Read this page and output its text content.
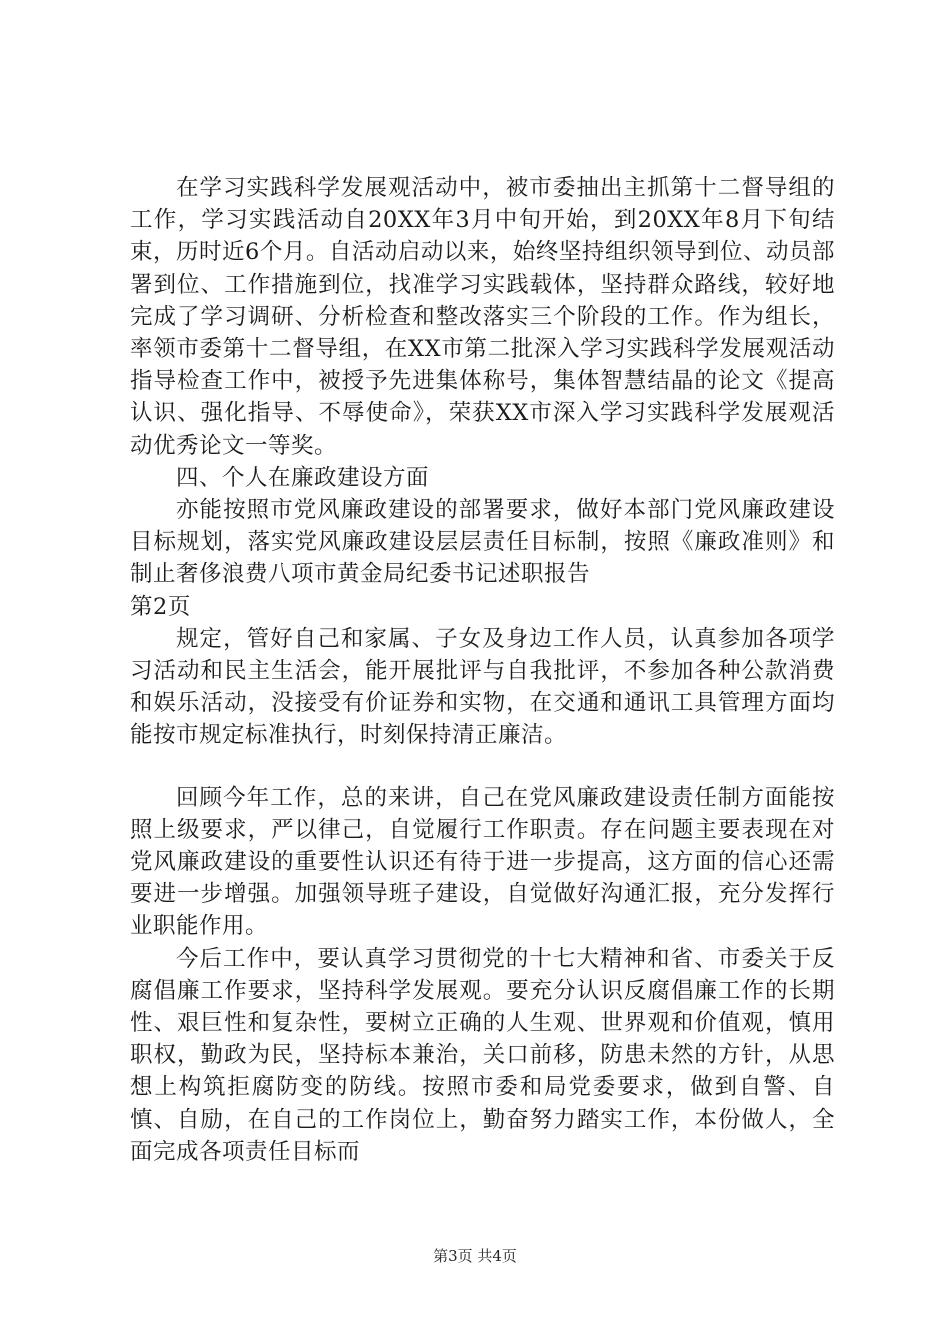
在学习实践科学发展观活动中，被市委抽出主抓第十二督导组的工作，学习实践活动自20XX年3月中旬开始，到20XX年8月下旬结束，历时近6个月。自活动启动以来，始终坚持组织领导到位、动员部署到位、工作措施到位，找准学习实践载体，坚持群众路线，较好地完成了学习调研、分析检查和整改落实三个阶段的工作。作为组长，率领市委第十二督导组，在XX市第二批深入学习实践科学发展观活动指导检查工作中，被授予先进集体称号，集体智慧结晶的论文《提高认识、强化指导、不辱使命》，荣获XX市深入学习实践科学发展观活动优秀论文一等奖。

四、个人在廉政建设方面

亦能按照市党风廉政建设的部署要求，做好本部门党风廉政建设目标规划，落实党风廉政建设层层责任目标制，按照《廉政准则》和制止奢侈浪费八项市黄金局纪委书记述职报告

第2页

规定，管好自己和家属、子女及身边工作人员，认真参加各项学习活动和民主生活会，能开展批评与自我批评，不参加各种公款消费和娱乐活动，没接受有价证券和实物，在交通和通讯工具管理方面均能按市规定标准执行，时刻保持清正廉洁。

回顾今年工作，总的来讲，自己在党风廉政建设责任制方面能按照上级要求，严以律己，自觉履行工作职责。存在问题主要表现在对党风廉政建设的重要性认识还有待于进一步提高，这方面的信心还需要进一步增强。加强领导班子建设，自觉做好沟通汇报，充分发挥行业职能作用。

今后工作中，要认真学习贯彻党的十七大精神和省、市委关于反腐倡廉工作要求，坚持科学发展观。要充分认识反腐倡廉工作的长期性、艰巨性和复杂性，要树立正确的人生观、世界观和价值观，慎用职权，勤政为民，坚持标本兼治，关口前移，防患未然的方针，从思想上构筑拒腐防变的防线。按照市委和局党委要求，做到自警、自慎、自励，在自己的工作岗位上，勤奋努力踏实工作，本份做人，全面完成各项责任目标而

第3页 共4页
